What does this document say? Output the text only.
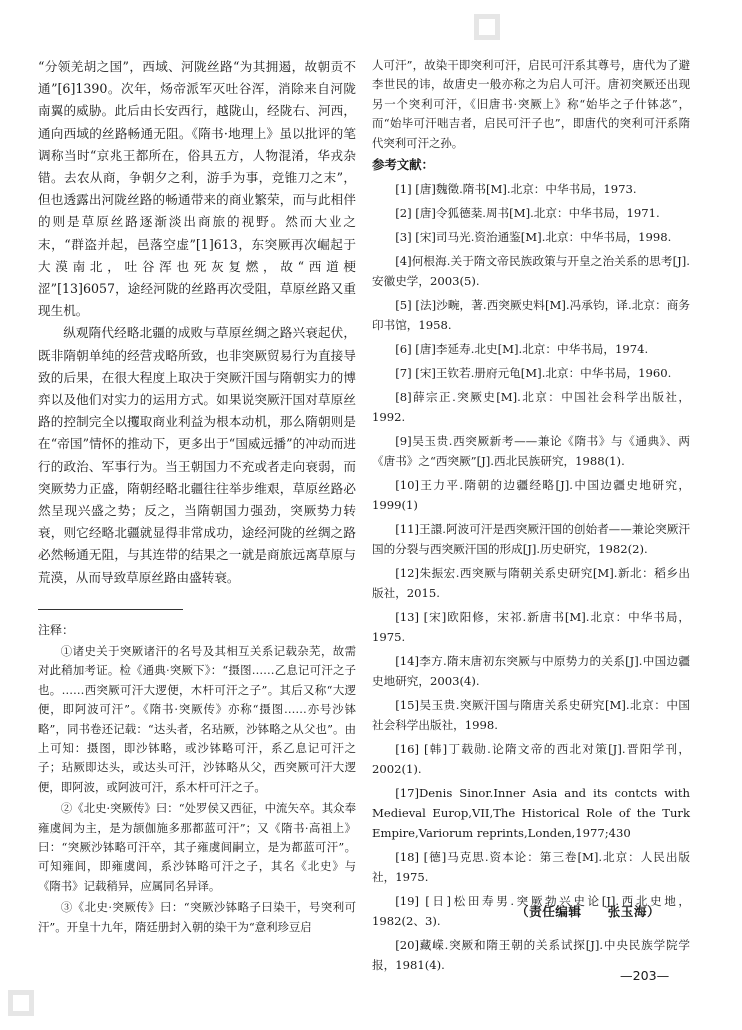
“分领羌胡之国”，西域、河陇丝路“为其拥遏，故朝贡不通”[6]1390。次年，炀帝派军灭吐谷浑，消除来自河陇南翼的威胁。此后由长安西行，越陇山，经陇右、河西，通向西域的丝路畅通无阻。《隋书·地理上》虽以批评的笔调称当时“京兆王都所在，俗具五方，人物混淆，华戎杂错。去农从商，争朝夕之利，游手为事，竞锥刀之末”，但也透露出河陇丝路的畅通带来的商业繁荣，而与此相伴的则是草原丝路逐渐淡出商旅的视野。然而大业之末，“群盗并起，邑落空虚”[1]613，东突厥再次崛起于大漠南北，吐谷浑也死灰复燃，故“西道梗涩”[13]6057，途经河陇的丝路再次受阻，草原丝路又重现生机。

纵观隋代经略北疆的成败与草原丝绸之路兴衰起伏，既非隋朝单纯的经营戎略所致，也非突厥贸易行为直接导致的后果，在很大程度上取决于突厥汗国与隋朝实力的博弈以及他们对实力的运用方式。如果说突厥汗国对草原丝路的控制完全以攫取商业利益为根本动机，那么隋朝则是在“帝国”情怀的推动下，更多出于“国威远播”的冲动而进行的政治、军事行为。当王朝国力不充或者走向衰弱，而突厥势力正盛，隋朝经略北疆往往举步维艰，草原丝路必然呈现兴盛之势；反之，当隋朝国力强劲，突厥势力转衰，则它经略北疆就显得非常成功，途经河陇的丝绸之路必然畅通无阻，与其连带的结果之一就是商旅远离草原与荒漠，从而导致草原丝路由盛转衰。

注释：

①诸史关于突厥诸汗的名号及其相互关系记载杂芜，故需对此稍加考证。检《通典·突厥下》：“摄图……乙息记可汗之子也。……西突厥可汗大逻便，木杆可汗之子”。其后又称“大逻便，即阿波可汗”。《隋书·突厥传》亦称“摄图……亦号沙钵略”，同书卷还记载：“达头者，名玷厥，沙钵略之从父也”。由上可知：摄图，即沙钵略，或沙钵略可汗，系乙息记可汗之子；玷厥即达头，或达头可汗，沙钵略从父，西突厥可汗大逻便，即阿波，或阿波可汗，系木杆可汗之子。

②《北史·突厥传》曰：“处罗侯又西征，中流矢卒。其众奉雍虞闾为主，是为颉伽施多那都蓝可汗”；又《隋书·高祖上》曰：“突厥沙钵略可汗卒，其子雍虞闾嗣立，是为都蓝可汗”。可知雍闾，即雍虞闾，系沙钵略可汗之子，其名《北史》与《隋书》记载稍异，应属同名异译。

③《北史·突厥传》曰：“突厥沙钵略子曰染干，号突利可汗”。开皇十九年，隋廷册封入朝的染干为“意利珍豆启

人可汗”，故染干即突利可汗，启民可汗系其尊号，唐代为了避李世民的讳，故唐史一般亦称之为启人可汗。唐初突厥还出现另一个突利可汗，《旧唐书·突厥上》称“始毕之子什钵苾”，而“始毕可汗咄吉者，启民可汗子也”，即唐代的突利可汗系隋代突利可汗之孙。

参考文献：

[1] [唐]魏徵.隋书[M].北京：中华书局，1973.

[2] [唐]令狐德棻.周书[M].北京：中华书局，1971.

[3] [宋]司马光.资治通鉴[M].北京：中华书局，1998.

[4]何根海.关于隋文帝民族政策与开皇之治关系的思考[J].安徽史学，2003(5).

[5] [法]沙畹，著.西突厥史料[M].冯承钧，译.北京：商务印书馆，1958.

[6] [唐]李延寿.北史[M].北京：中华书局，1974.

[7] [宋]王钦若.册府元龟[M].北京：中华书局，1960.

[8]薛宗正.突厥史[M].北京：中国社会科学出版社，1992.

[9]吴玉贵.西突厥新考——兼论《隋书》与《通典》、两《唐书》之“西突厥”[J].西北民族研究，1988(1).

[10]王力平.隋朝的边疆经略[J].中国边疆史地研究，1999(1)

[11]王譞.阿波可汗是西突厥汗国的创始者——兼论突厥汗国的分裂与西突厥汗国的形成[J].历史研究，1982(2).

[12]朱振宏.西突厥与隋朝关系史研究[M].新北：稻乡出版社，2015.

[13] [宋]欧阳修，宋祁.新唐书[M].北京：中华书局，1975.

[14]李方.隋末唐初东突厥与中原势力的关系[J].中国边疆史地研究，2003(4).

[15]吴玉贵.突厥汗国与隋唐关系史研究[M].北京：中国社会科学出版社，1998.

[16] [韩]丁载勋.论隋文帝的西北对策[J].晋阳学刊，2002(1).

[17]Denis Sinor.Inner Asia and its contcts with Medieval Europ,VII,The Historical Role of the Turk Empire,Variorum reprints,Londen,1977;430

[18] [德]马克思.资本论：第三卷[M].北京：人民出版社，1975.

[19] [日]松田寿男.突厥勃兴史论[J].西北史地，1982(2、3).

[20]藏嵘.突厥和隋王朝的关系试探[J].中央民族学院学报，1981(4).

（责任编辑　　张玉海）
—203—
